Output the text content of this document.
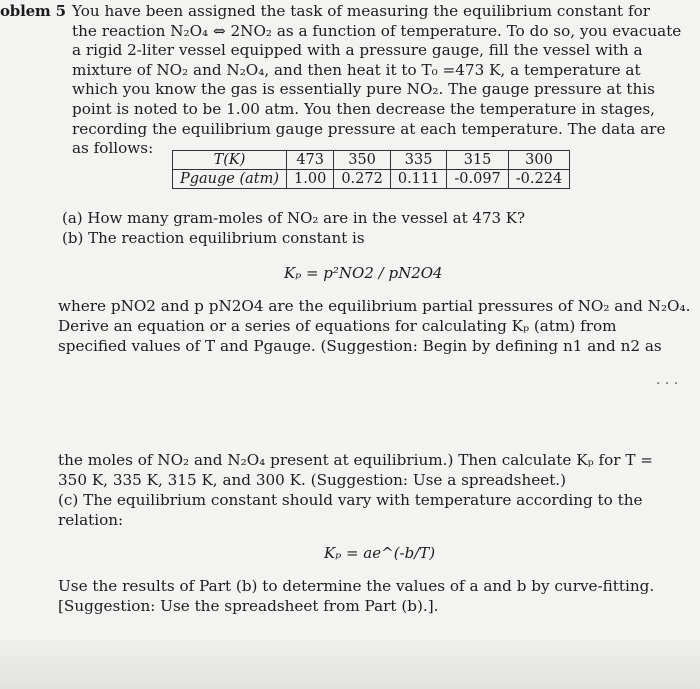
oblem 5 You have been assigned the task of measuring the equilibrium constant for
the reaction N₂O₄ ⇔ 2NO₂ as a function of temperature. To do so, you evacuate
a rigid 2-liter vessel equipped with a pressure gauge, fill the vessel with a
mixture of NO₂ and N₂O₄, and then heat it to T₀ =473 K, a temperature at
which you know the gas is essentially pure NO₂. The gauge pressure at this
point is noted to be 1.00 atm. You then decrease the temperature in stages,
recording the equilibrium gauge pressure at each temperature. The data are
as follows:
T(K)	473	350	335	315	300
Pgauge (atm)	1.00	0.272	0.111	-0.097	-0.224
(a) How many gram-moles of NO₂ are in the vessel at 473 K?
(b) The reaction equilibrium constant is
Kₚ = p²NO2 / pN2O4
where pNO2 and p pN2O4 are the equilibrium partial pressures of NO₂ and N₂O₄.
Derive an equation or a series of equations for calculating Kₚ (atm) from
specified values of T and Pgauge. (Suggestion: Begin by defining n1 and n2 as
· · ·
the moles of NO₂ and N₂O₄ present at equilibrium.) Then calculate Kₚ for T =
350 K, 335 K, 315 K, and 300 K. (Suggestion: Use a spreadsheet.)
(c) The equilibrium constant should vary with temperature according to the
relation:
Kₚ = ae^(-b/T)
Use the results of Part (b) to determine the values of a and b by curve-fitting.
[Suggestion: Use the spreadsheet from Part (b).].
